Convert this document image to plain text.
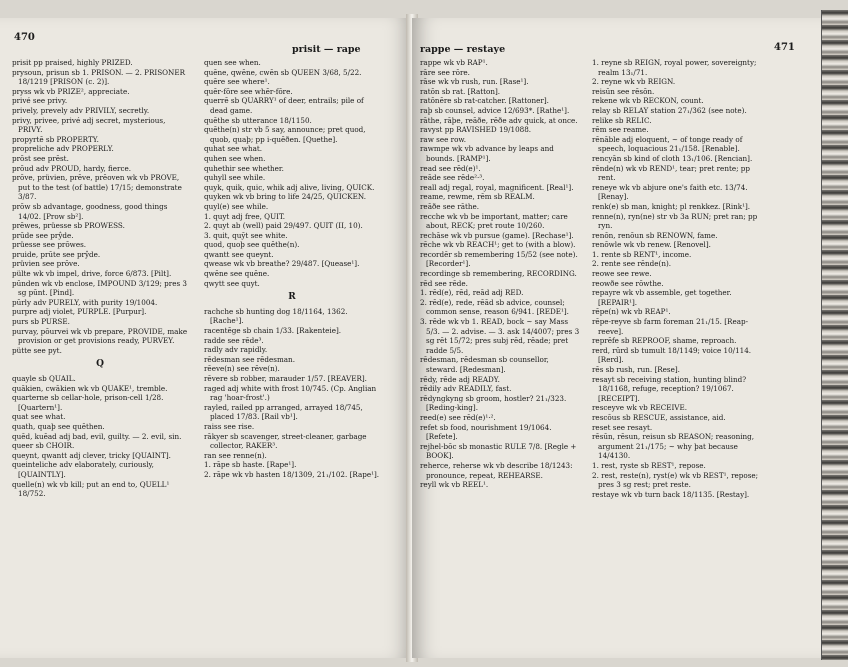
470
prisit — rape

prisit pp praised, highly PRIZED.

prysoun, prisun sb 1. PRISON. — 2. PRISONER 18/1219 [PRISON (c. 2)].

pryss wk vb PRIZE², appreciate.

privé see privy.

prively, prevely adv PRIVILY, secretly.

privy, privee, privé adj secret, mysterious, PRIVY.

propyrtē sb PROPERTY.

propreliche adv PROPERLY.

prōst see prēst.

prōud adv PROUD, hardy, fierce.

prōve, prüvien, prēve, prēoven wk vb PROVE, put to the test (of battle) 17/15; demonstrate 3/87.

prōw sb advantage, goodness, good things 14/02. [Prow sb²].

prēwes, prüesse sb PROWESS.

prūde see prŷde.

prüesse see prōwes.

pruide, prūte see prŷde.

prüvien see prōve.

pülte wk vb impel, drive, force 6/873. [Pilt].

pūnden wk vb enclose, IMPOUND 3/129; pres 3 sg pūnt. [Pind].

pūrly adv PURELY, with purity 19/1004.

purpre adj violet, PURPLE. [Purpur].

purs sb PURSE.

purvay, pōurvei wk vb prepare, PROVIDE, make provision or get provisions ready, PURVEY.

pütte see pyt.

Q

quayle sb QUAIL.

quākien, cwākien wk vb QUAKE¹, tremble.

quarterne sb cellar-hole, prison-cell 1/28. [Quartern¹].

quat see what.

quath, quaþ see quēthen.

quēd, kuēad adj bad, evil, guilty. — 2. evil, sin.

queer sb CHOIR.

queynt, qwantt adj clever, tricky [QUAINT].

queinteliche adv elaborately, curiously, [QUAINTLY].

quelle(n) wk vb kill; put an end to, QUELL¹ 18/752.

quen see when.

quēne, qwēne, cwēn sb QUEEN 3/68, 5/22.

quēre see where¹.

quēr-fōre see whēr-fōre.

querrē sb QUARRY¹ of deer, entrails; pile of dead game.

quēthe sb utterance 18/1150.

quēthe(n) str vb 5 say, announce; pret quod, quob, quaþ; pp i-quēðen. [Quethe].

quhat see what.

quhen see when.

quhethir see whether.

quhyll see while.

quyk, quik, quic, whik adj alive, living, QUICK.

quyken wk vb bring to life 24/25, QUICKEN.

quyl(e) see while.

1. quyt adj free, QUIT.

2. quyt ab (well) paid 29/497. QUIT (II, 10).

3. quit, quȳt see white.

quod, quoþ see quēthe(n).

qwantt see queynt.

qwease wk vb breathe? 29/487. [Quease¹].

qwēne see quēne.

qwytt see quyt.

R

rachche sb hunting dog 18/1164, 1362. [Rache¹].

racentēge sb chain 1/33. [Rakenteie].

radde see rēde³.

radly adv rapidly.

rēdesman see rēdesman.

rēeve(n) see rēve(n).

rēvere sb robber, marauder 1/57. [REAVER].

raged adj white with frost 10/745. (Cp. Anglian rag 'hoar-frost'.)

rayled, railed pp arranged, arrayed 18/745, placed 17/83. [Rail vb¹].

raiss see rise.

rākyer sb scavenger, street-cleaner, garbage collector, RAKER³.

ran see renne(n).

1. rāpe sb haste. [Rape¹].

2. rāpe wk vb hasten 18/1309, 21₁/102. [Rape¹].

rappe — restaye	471

rappe wk vb RAP¹.

rāre see rōre.

rāse wk vb rush, run. [Rase¹].

ratōn sb rat. [Ratton].

ratōnēre sb rat-catcher. [Rattoner].

raþ sb counsel, advice 12/693*. [Rathe¹].

rāthe, rāþe, reāðe, rēðe adv quick, at once.

ravyst pp RAVISHED 19/1088.

raw see row.

rawmpe wk vb advance by leaps and bounds. [RAMP¹].

read see rēd(e)¹.

reāde see rēde²·³.

reall adj regal, royal, magnificent. [Real¹].

reame, rewme, rēm sb REALM.

reāðe see rāthe.

recche wk vb be important, matter; care about, RECK; pret route 10/260.

rechāse wk vb pursue (game). [Rechase¹].

rēche wk vb REACH¹; get to (with a blow).

recordēr sb remembering 15/52 (see note). [Recorder¹].

recordinge sb remembering, RECORDING.

rēd see rēde.

1. rēd(e), rēd, reād adj RED.

2. rēd(e), rede, rēād sb advice, counsel; common sense, reason 6/941. [REDE¹].

3. rēde wk vb 1. READ, bock ~ say Mass 5/3. — 2. advise. — 3. ask 14/4007; pres 3 sg rēt 15/72; pres subj rēd, rēade; pret radde 5/5.

rēdesman, rēdesman sb counsellor, steward. [Redesman].

rēdy, rēde adj READY.

rēdily adv READILY, fast.

rēdyngkyng sb groom, hostler? 21₁/323. [Reding-king].

reed(e) see rēd(e)¹·².

refet sb food, nourishment 19/1064. [Refete].

rejhel-bōc sb monastic RULE 7/8. [Regle + BOOK].

reherce, reherse wk vb describe 18/1243: pronounce, repeat, REHEARSE.

reyll wk vb REEL¹.

1. reyne sb REIGN, royal power, sovereignty; realm 13₁/71.

2. reyne wk vb REIGN.

reisūn see rēsōn.

rekene wk vb RECKON, count.

relay sb RELAY station 27₁/362 (see note).

relike sb RELIC.

rēm see reame.

rēnāble adj eloquent, ~ of tonge ready of speech, loquacious 21₁/158. [Renable].

rencyān sb kind of cloth 13₁/106. [Rencian].

rēnde(n) wk vb REND¹, tear; pret rente; pp rent.

reneye wk vb abjure one's faith etc. 13/74. [Renay].

renk(e) sb man, knight; pl renkkez. [Rink¹].

renne(n), ryn(ne) str vb 3a RUN; pret ran; pp ryn.

renōn, renōun sb RENOWN, fame.

renōwle wk vb renew. [Renovel].

1. rente sb RENT¹, income.

2. rente see rēnde(n).

reowe see rewe.

reowðe see rōwthe.

repayre wk vb assemble, get together. [REPAIR¹].

rēpe(n) wk vb REAP¹.

rēpe-reyve sb farm foreman 21₁/15. [Reap-reeve].

reprēfe sb REPROOF, shame, reproach.

rerd, rūrd sb tumult 18/1149; voice 10/114. [Rerd].

rēs sb rush, run. [Rese].

resayt sb receiving station, hunting blind? 18/1168, refuge, reception? 19/1067. [RECEIPT].

resceyve wk vb RECEIVE.

rescōus sb RESCUE, assistance, aid.

reset see resayt.

rēsūn, rēsun, reisun sb REASON; reasoning, argument 21₁/175; ~ why þat because 14/4130.

1. rest, ryste sb REST¹, repose.

2. rest, reste(n), ryst(e) wk vb REST¹, repose; pres 3 sg rest; pret reste.

restaye wk vb turn back 18/1135. [Restay].
